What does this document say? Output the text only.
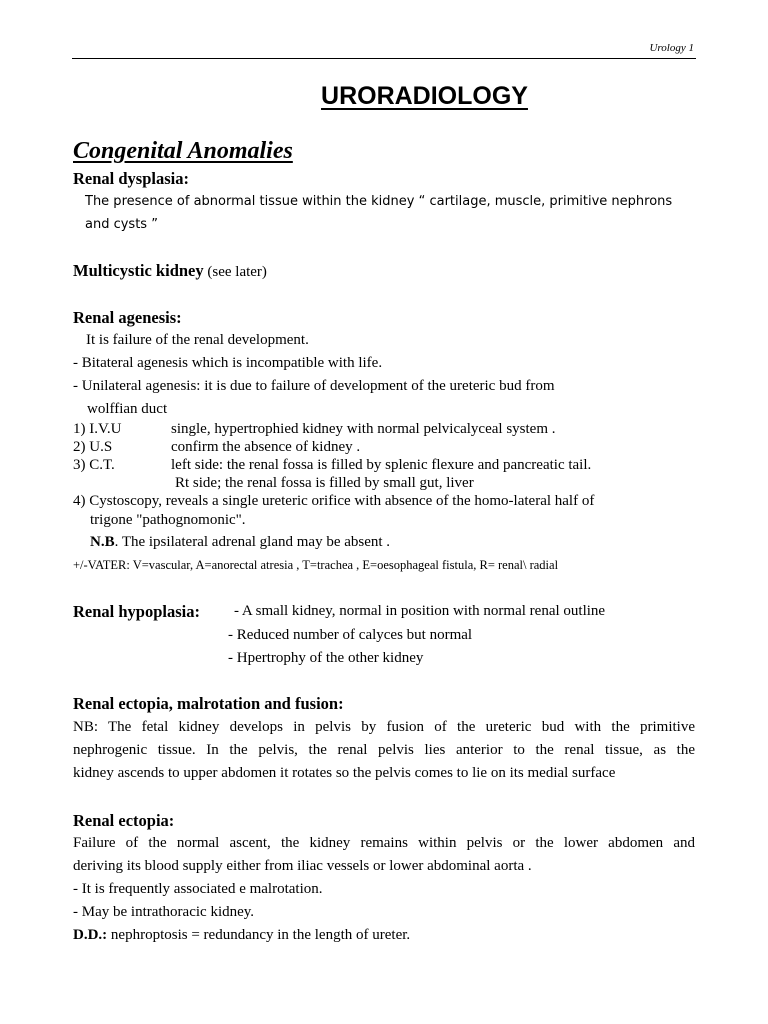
Urology 1
URORADIOLOGY
Congenital Anomalies
Renal dysplasia:
The presence of abnormal tissue within the kidney “ cartilage, muscle, primitive nephrons
and cysts ”
Multicystic kidney (see later)
Renal agenesis:
It is failure of the renal development.
- Bitateral agenesis which is incompatible with life.
- Unilateral agenesis: it is due to failure of development of the ureteric bud from
wolffian duct
1) I.V.U	single, hypertrophied kidney with normal pelvicalyceal system .
2) U.S	confirm the absence of kidney .
3) C.T.	left side: the renal fossa is filled by splenic flexure and pancreatic tail.
Rt side; the renal fossa is filled by small gut, liver
4) Cystoscopy, reveals a single ureteric orifice with absence of the homo-lateral half of
trigone "pathognomonic".
N.B. The ipsilateral adrenal gland may be absent .
+/-VATER: V=vascular, A=anorectal atresia , T=trachea , E=oesophageal fistula, R= renal\ radial
Renal hypoplasia: - A small kidney, normal in position with normal renal outline
- Reduced number of calyces but normal
- Hpertrophy of the other kidney
Renal ectopia, malrotation and fusion:
NB: The fetal kidney develops in pelvis by fusion of the ureteric bud with the primitive
nephrogenic tissue. In the pelvis, the renal pelvis lies anterior to the renal tissue, as the
kidney ascends to upper abdomen it rotates so the pelvis comes to lie on its medial surface
Renal ectopia:
Failure of the normal ascent, the kidney remains within pelvis or the lower abdomen and
deriving its blood supply either from iliac vessels or lower abdominal aorta .
- It is frequently associated e malrotation.
- May be intrathoracic kidney.
D.D.: nephroptosis = redundancy in the length of ureter.
